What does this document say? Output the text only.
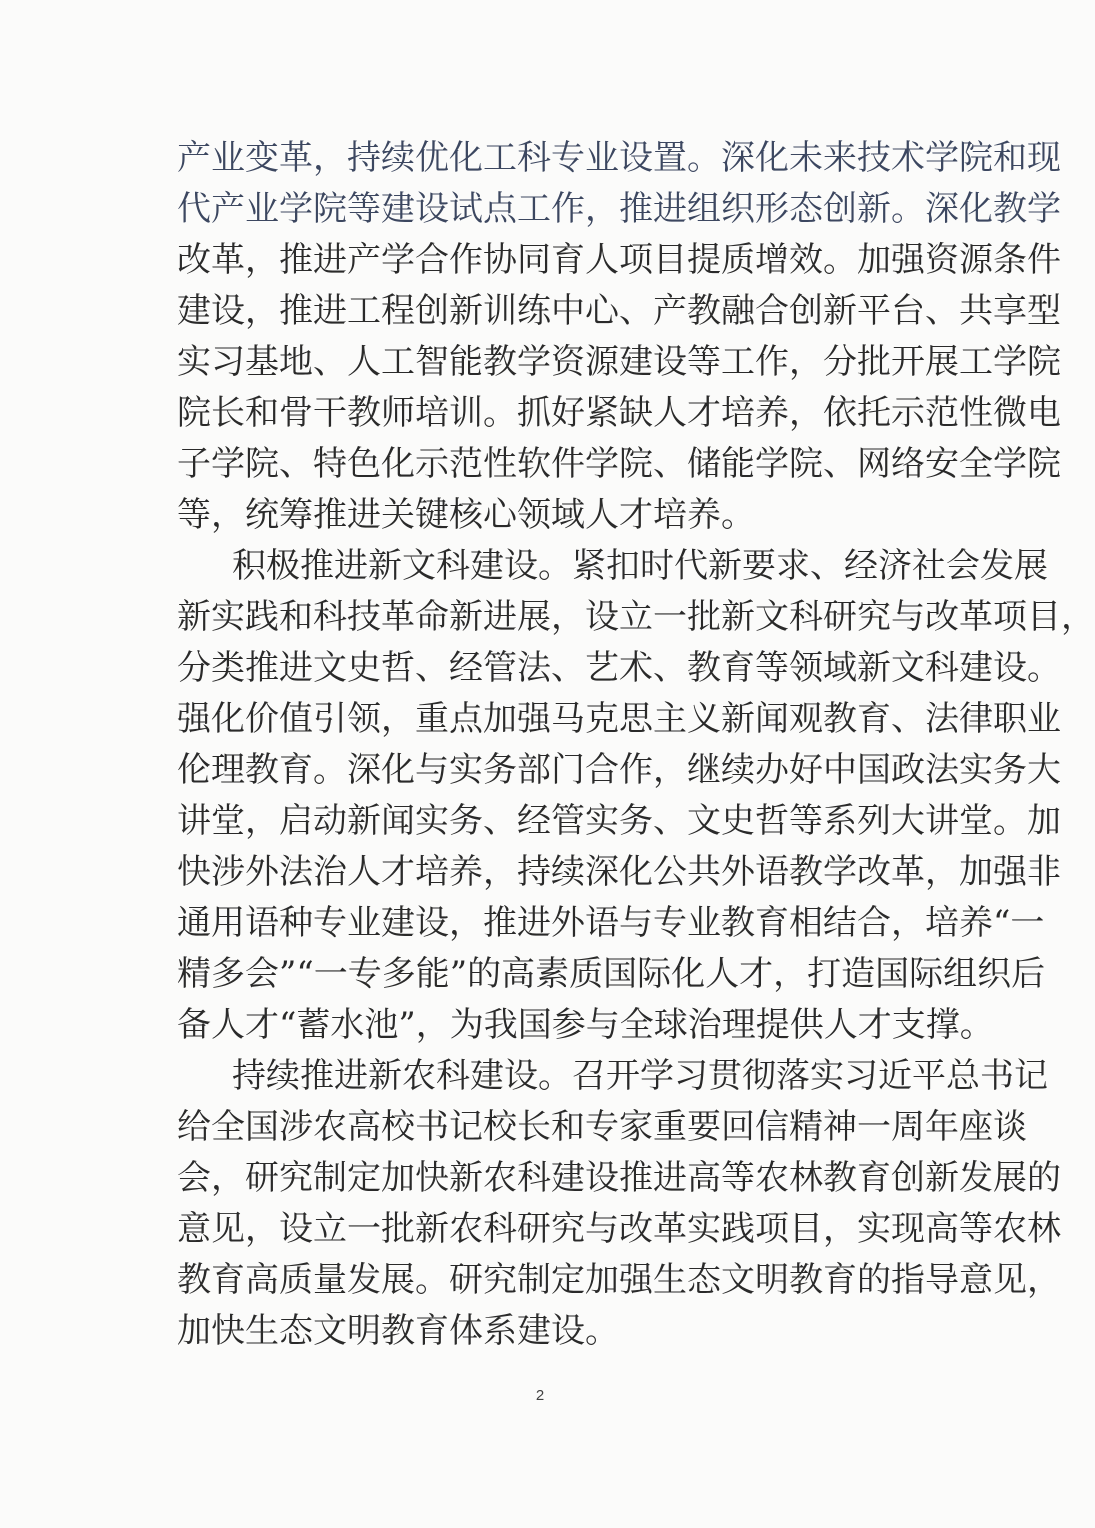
产业变革，持续优化工科专业设置。深化未来技术学院和现
代产业学院等建设试点工作，推进组织形态创新。深化教学
改革，推进产学合作协同育人项目提质增效。加强资源条件
建设，推进工程创新训练中心、产教融合创新平台、共享型
实习基地、人工智能教学资源建设等工作，分批开展工学院
院长和骨干教师培训。抓好紧缺人才培养，依托示范性微电
子学院、特色化示范性软件学院、储能学院、网络安全学院
等，统筹推进关键核心领域人才培养。
积极推进新文科建设。紧扣时代新要求、经济社会发展
新实践和科技革命新进展，设立一批新文科研究与改革项目，
分类推进文史哲、经管法、艺术、教育等领域新文科建设。
强化价值引领，重点加强马克思主义新闻观教育、法律职业
伦理教育。深化与实务部门合作，继续办好中国政法实务大
讲堂，启动新闻实务、经管实务、文史哲等系列大讲堂。加
快涉外法治人才培养，持续深化公共外语教学改革，加强非
通用语种专业建设，推进外语与专业教育相结合，培养“一
精多会”“一专多能”的高素质国际化人才，打造国际组织后
备人才“蓄水池”，为我国参与全球治理提供人才支撑。
持续推进新农科建设。召开学习贯彻落实习近平总书记
给全国涉农高校书记校长和专家重要回信精神一周年座谈
会，研究制定加快新农科建设推进高等农林教育创新发展的
意见，设立一批新农科研究与改革实践项目，实现高等农林
教育高质量发展。研究制定加强生态文明教育的指导意见，
加快生态文明教育体系建设。
2
